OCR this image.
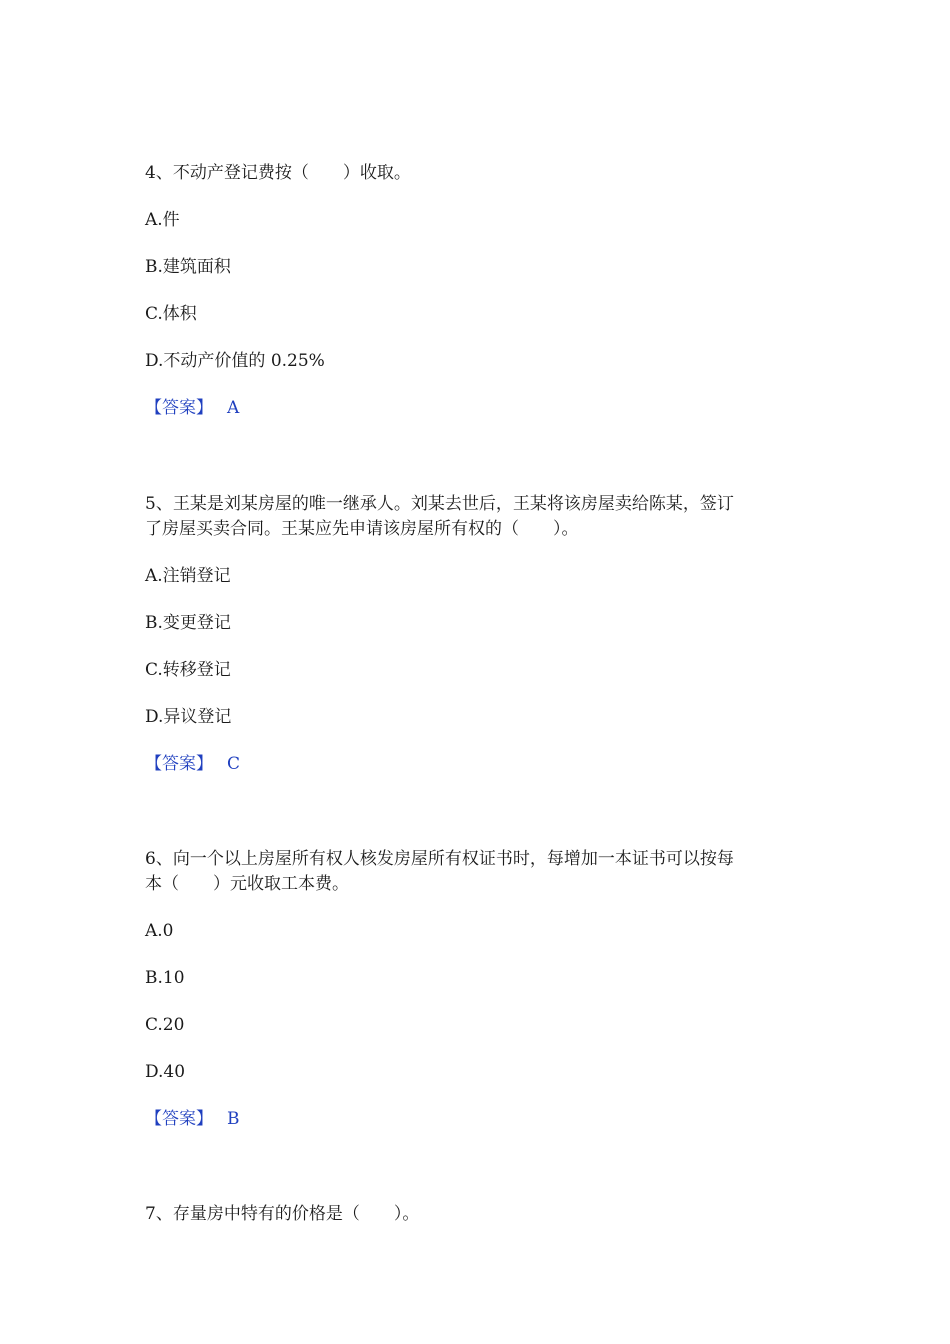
4、不动产登记费按（　　）收取。
A.件
B.建筑面积
C.体积
D.不动产价值的 0.25%
【答案】 A
5、王某是刘某房屋的唯一继承人。刘某去世后，王某将该房屋卖给陈某，签订
了房屋买卖合同。王某应先申请该房屋所有权的（　　）。
A.注销登记
B.变更登记
C.转移登记
D.异议登记
【答案】 C
6、向一个以上房屋所有权人核发房屋所有权证书时，每增加一本证书可以按每
本（　　）元收取工本费。
A.0
B.10
C.20
D.40
【答案】 B
7、存量房中特有的价格是（　　）。
